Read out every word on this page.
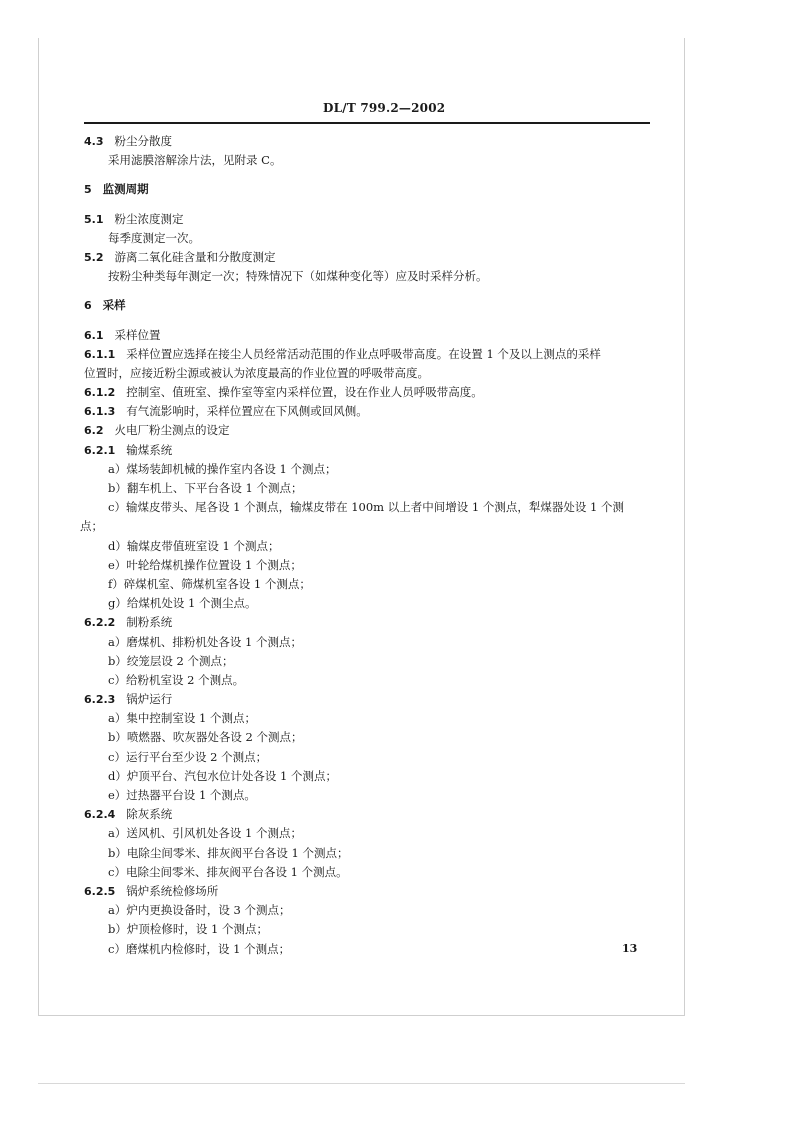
DL/T 799.2—2002
4.3 粉尘分散度
采用滤膜溶解涂片法，见附录 C。
5 监测周期
5.1 粉尘浓度测定
每季度测定一次。
5.2 游离二氧化硅含量和分散度测定
按粉尘种类每年测定一次；特殊情况下（如煤种变化等）应及时采样分析。
6 采样
6.1 采样位置
6.1.1 采样位置应选择在接尘人员经常活动范围的作业点呼吸带高度。在设置 1 个及以上测点的采样
位置时，应接近粉尘源或被认为浓度最高的作业位置的呼吸带高度。
6.1.2 控制室、值班室、操作室等室内采样位置，设在作业人员呼吸带高度。
6.1.3 有气流影响时，采样位置应在下风侧或回风侧。
6.2 火电厂粉尘测点的设定
6.2.1 输煤系统
a）煤场装卸机械的操作室内各设 1 个测点；
b）翻车机上、下平台各设 1 个测点；
c）输煤皮带头、尾各设 1 个测点，输煤皮带在 100m 以上者中间增设 1 个测点，犁煤器处设 1 个测
点；
d）输煤皮带值班室设 1 个测点；
e）叶轮给煤机操作位置设 1 个测点；
f）碎煤机室、筛煤机室各设 1 个测点；
g）给煤机处设 1 个测尘点。
6.2.2 制粉系统
a）磨煤机、排粉机处各设 1 个测点；
b）绞笼层设 2 个测点；
c）给粉机室设 2 个测点。
6.2.3 锅炉运行
a）集中控制室设 1 个测点；
b）喷燃器、吹灰器处各设 2 个测点；
c）运行平台至少设 2 个测点；
d）炉顶平台、汽包水位计处各设 1 个测点；
e）过热器平台设 1 个测点。
6.2.4 除灰系统
a）送风机、引风机处各设 1 个测点；
b）电除尘间零米、排灰阀平台各设 1 个测点；
c）电除尘间零米、排灰阀平台各设 1 个测点。
6.2.5 锅炉系统检修场所
a）炉内更换设备时，设 3 个测点；
b）炉顶检修时，设 1 个测点；
c）磨煤机内检修时，设 1 个测点；	13
